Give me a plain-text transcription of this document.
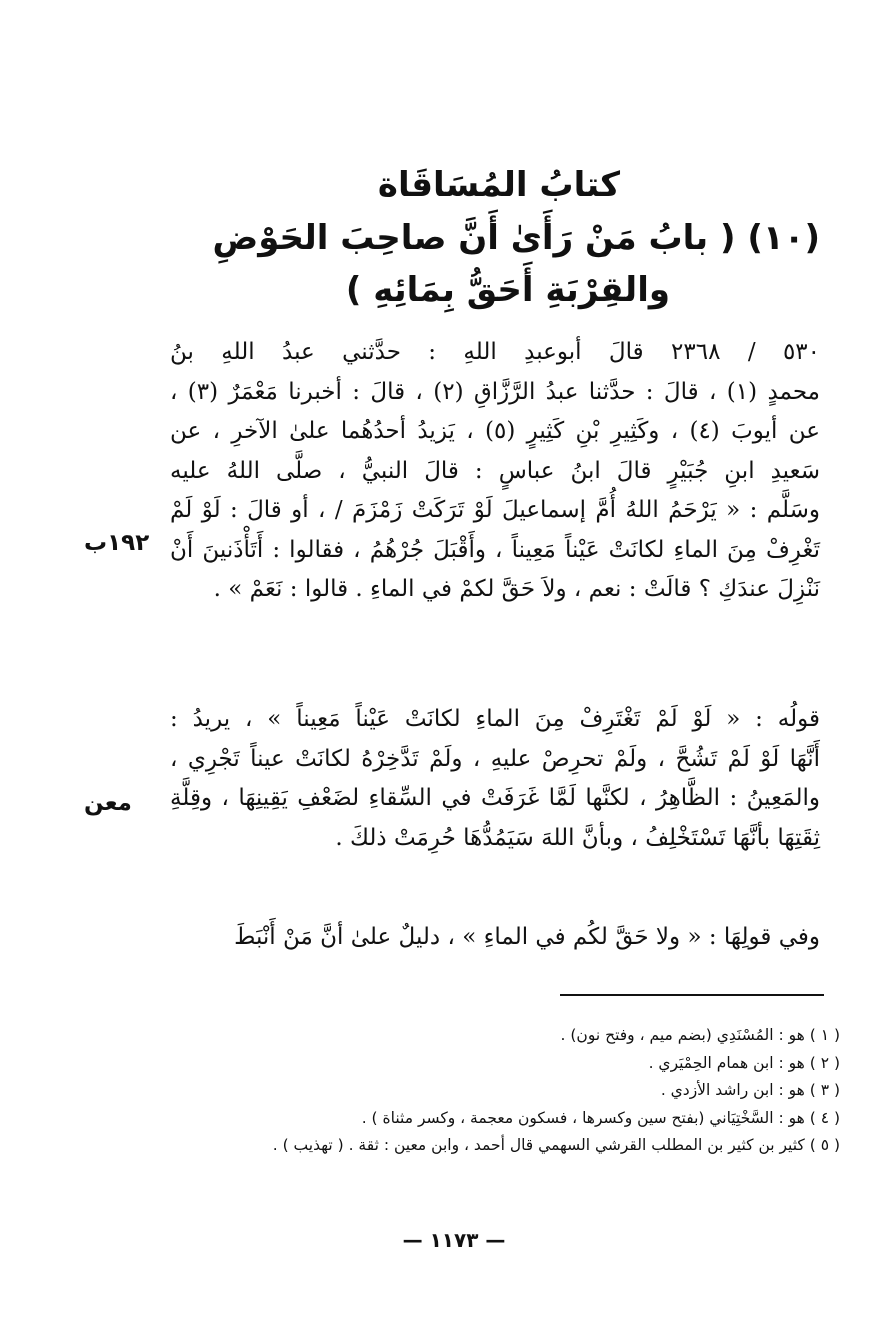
كتابُ المُسَاقَاة
(١٠) ( بابُ مَنْ رَأَىٰ أَنَّ صاحِبَ الحَوْضِ
والقِرْبَةِ أَحَقُّ بِمَائِهِ )
٥٣٠ / ٢٣٦٨ قالَ أبوعبدِ اللهِ : حدَّثني عبدُ اللهِ بنُ
محمدٍ (١) ، قالَ : حدَّثنا عبدُ الرَّزَّاقِ (٢) ، قالَ : أخبرنا مَعْمَرٌ (٣) ،
عن أيوبَ (٤) ، وكَثِيرِ بْنِ كَثِيرٍ (٥) ، يَزيدُ أحدُهُما علىٰ الآخرِ ، عن
سَعيدِ ابنِ جُبَيْرٍ قالَ ابنُ عباسٍ : قالَ النبيُّ ، صلَّى اللهُ عليه
وسَلَّم : « يَرْحَمُ اللهُ أُمَّ إسماعيلَ لَوْ تَرَكَتْ زَمْزَمَ / ، أو قالَ : لَوْ لَمْ
تَغْرِفْ مِنَ الماءِ لكانَتْ عَيْناً مَعِيناً ، وأَقْبَلَ جُرْهُمُ ، فقالوا : أَتَأْذَنينَ أَنْ
نَنْزِلَ عندَكِ ؟ قالَتْ : نعم ، ولاَ حَقَّ لكمْ في الماءِ . قالوا : نَعَمْ » .
١٩٢ب
قولُه : « لَوْ لَمْ تَغْتَرِفْ مِنَ الماءِ لكانَتْ عَيْناً مَعِيناً » ، يريدُ :
أَنَّهَا لَوْ لَمْ تَشُحَّ ، ولَمْ تحرِصْ عليهِ ، ولَمْ تَدَّخِرْهُ لكانَتْ عيناً تَجْرِي ،
والمَعِينُ : الظَّاهِرُ ، لكنَّها لَمَّا غَرَفَتْ في السِّقاءِ لضَعْفِ يَقِينِهَا ، وقِلَّةِ
ثِقَتِهَا بأنَّهَا تَسْتَخْلِفُ ، وبأنَّ اللهَ سَيَمُدُّهَا حُرِمَتْ ذلكَ .
معن
وفي قولِهَا : « ولا حَقَّ لكُم في الماءِ » ، دليلٌ علىٰ أنَّ مَنْ أَنْبَطَ
( ١ ) هو : المُسْنَدِي (بضم ميم ، وفتح نون) .
( ٢ ) هو : ابن همام الحِمْيَري .
( ٣ ) هو : ابن راشد الأزدي .
( ٤ ) هو : السَّخْتِيَاني (بفتح سين وكسرها ، فسكون معجمة ، وكسر مثناة ) .
( ٥ ) كثير بن كثير بن المطلب القرشي السهمي قال أحمد ، وابن معين : ثقة . ( تهذيب ) .
— ١١٧٣ —
